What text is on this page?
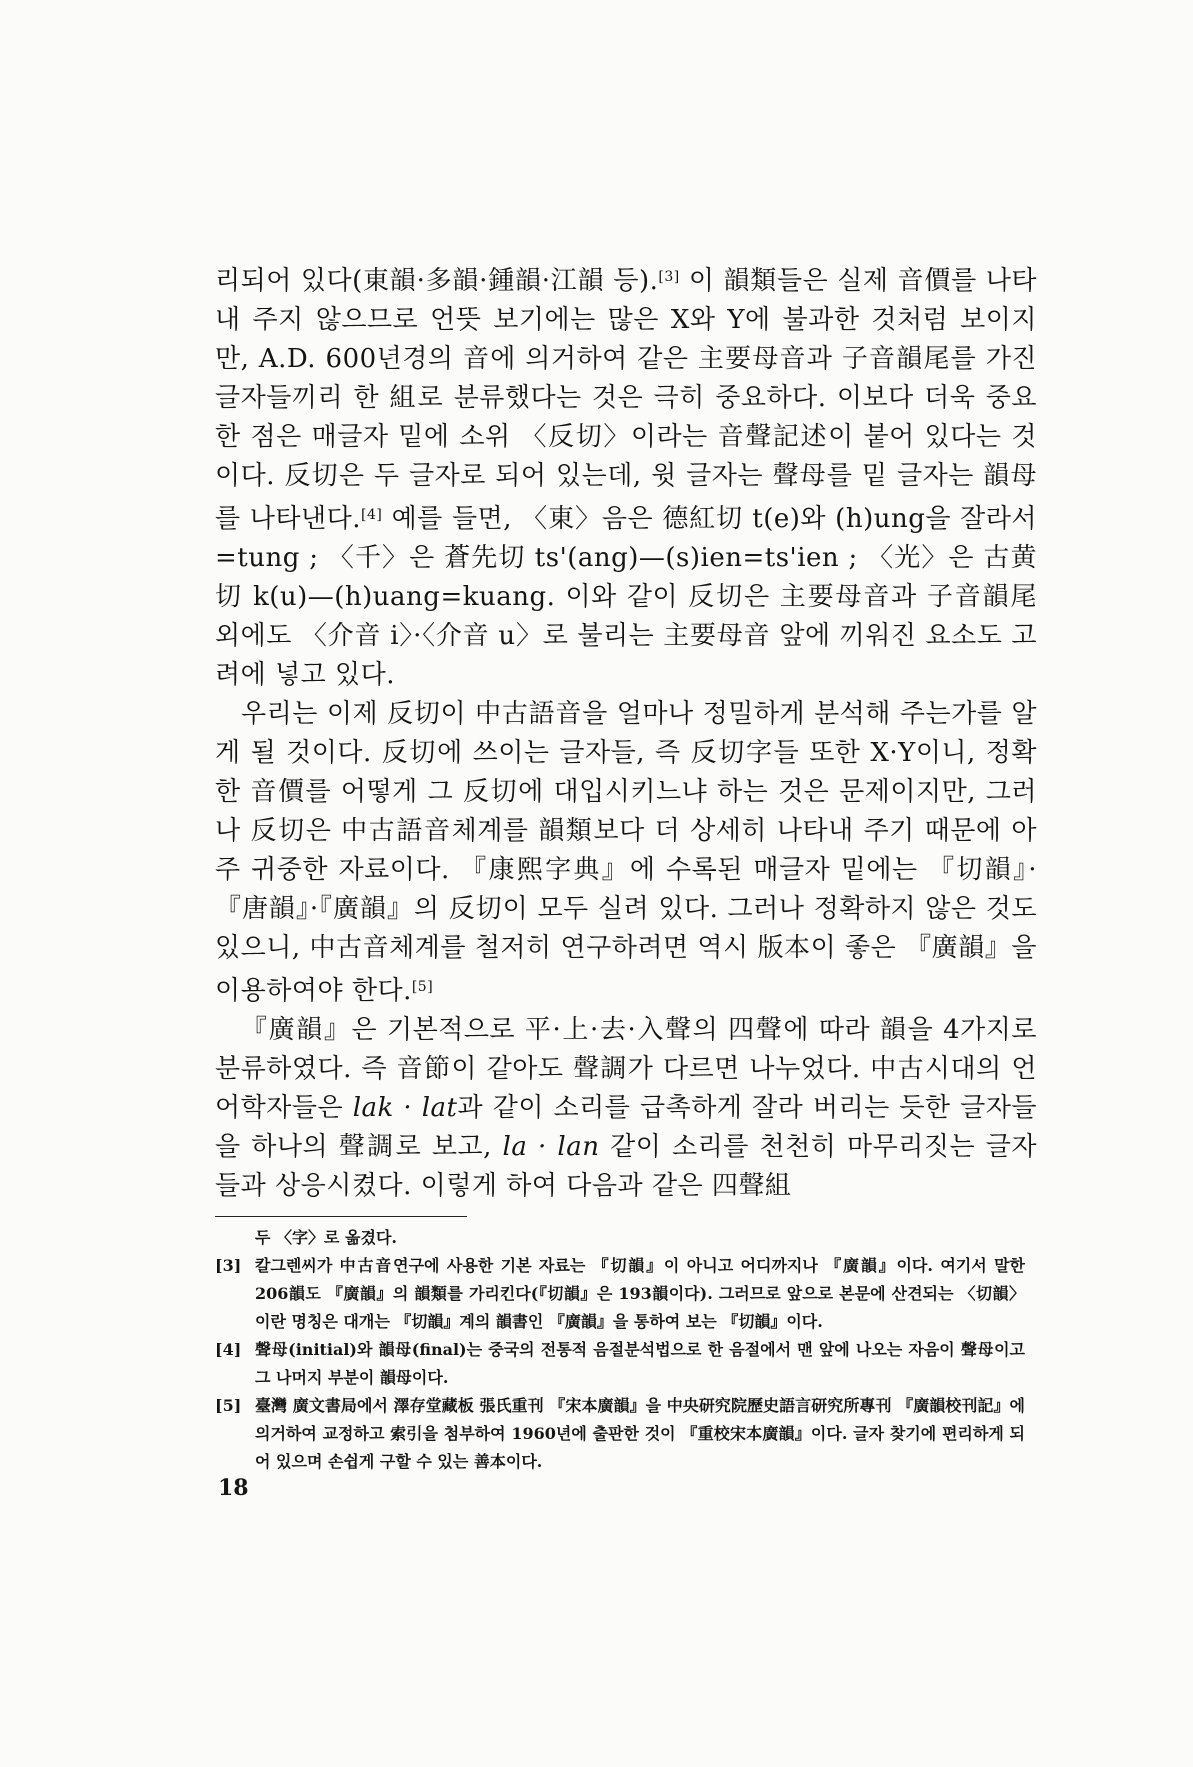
리되어 있다(東韻·多韻·鍾韻·江韻 등).[3] 이 韻類들은 실제 音價를 나타내 주지 않으므로 언뜻 보기에는 많은 X와 Y에 불과한 것처럼 보이지만, A.D. 600년경의 音에 의거하여 같은 主要母音과 子音韻尾를 가진 글자들끼리 한 組로 분류했다는 것은 극히 중요하다. 이보다 더욱 중요한 점은 매글자 밑에 소위 〈反切〉이라는 音聲記述이 붙어 있다는 것이다. 反切은 두 글자로 되어 있는데, 윗 글자는 聲母를 밑 글자는 韻母를 나타낸다.[4] 예를 들면, 〈東〉음은 德紅切 t(e)와 (h)ung을 잘라서=tung ; 〈千〉은 蒼先切 ts'(ang)—(s)ien=ts'ien ; 〈光〉은 古黄切 k(u)—(h)uang=kuang. 이와 같이 反切은 主要母音과 子音韻尾 외에도 〈介音 i〉·〈介音 u〉로 불리는 主要母音 앞에 끼워진 요소도 고려에 넣고 있다.

우리는 이제 反切이 中古語音을 얼마나 정밀하게 분석해 주는가를 알게 될 것이다. 反切에 쓰이는 글자들, 즉 反切字들 또한 X·Y이니, 정확한 音價를 어떻게 그 反切에 대입시키느냐 하는 것은 문제이지만, 그러나 反切은 中古語音체계를 韻類보다 더 상세히 나타내 주기 때문에 아주 귀중한 자료이다. 『康熙字典』에 수록된 매글자 밑에는 『切韻』·『唐韻』·『廣韻』의 反切이 모두 실려 있다. 그러나 정확하지 않은 것도 있으니, 中古音체계를 철저히 연구하려면 역시 版本이 좋은 『廣韻』을 이용하여야 한다.[5]

『廣韻』은 기본적으로 平·上·去·入聲의 四聲에 따라 韻을 4가지로 분류하였다. 즉 音節이 같아도 聲調가 다르면 나누었다. 中古시대의 언어학자들은 lak · lat과 같이 소리를 급촉하게 잘라 버리는 듯한 글자들을 하나의 聲調로 보고, la · lan 같이 소리를 천천히 마무리짓는 글자들과 상응시켰다. 이렇게 하여 다음과 같은 四聲組

두 〈字〉로 옮겼다.

[3] 칼그렌씨가 中古音연구에 사용한 기본 자료는 『切韻』이 아니고 어디까지나 『廣韻』이다. 여기서 말한 206韻도 『廣韻』의 韻類를 가리킨다(『切韻』은 193韻이다). 그러므로 앞으로 본문에 산견되는 〈切韻〉이란 명칭은 대개는 『切韻』계의 韻書인 『廣韻』을 통하여 보는 『切韻』이다.

[4] 聲母(initial)와 韻母(final)는 중국의 전통적 음절분석법으로 한 음절에서 맨 앞에 나오는 자음이 聲母이고 그 나머지 부분이 韻母이다.

[5] 臺灣 廣文書局에서 澤存堂藏板 張氏重刊 『宋本廣韻』을 中央研究院歷史語言研究所專刊 『廣韻校刊記』에 의거하여 교정하고 索引을 첨부하여 1960년에 출판한 것이 『重校宋本廣韻』이다. 글자 찾기에 편리하게 되어 있으며 손쉽게 구할 수 있는 善本이다.

18
